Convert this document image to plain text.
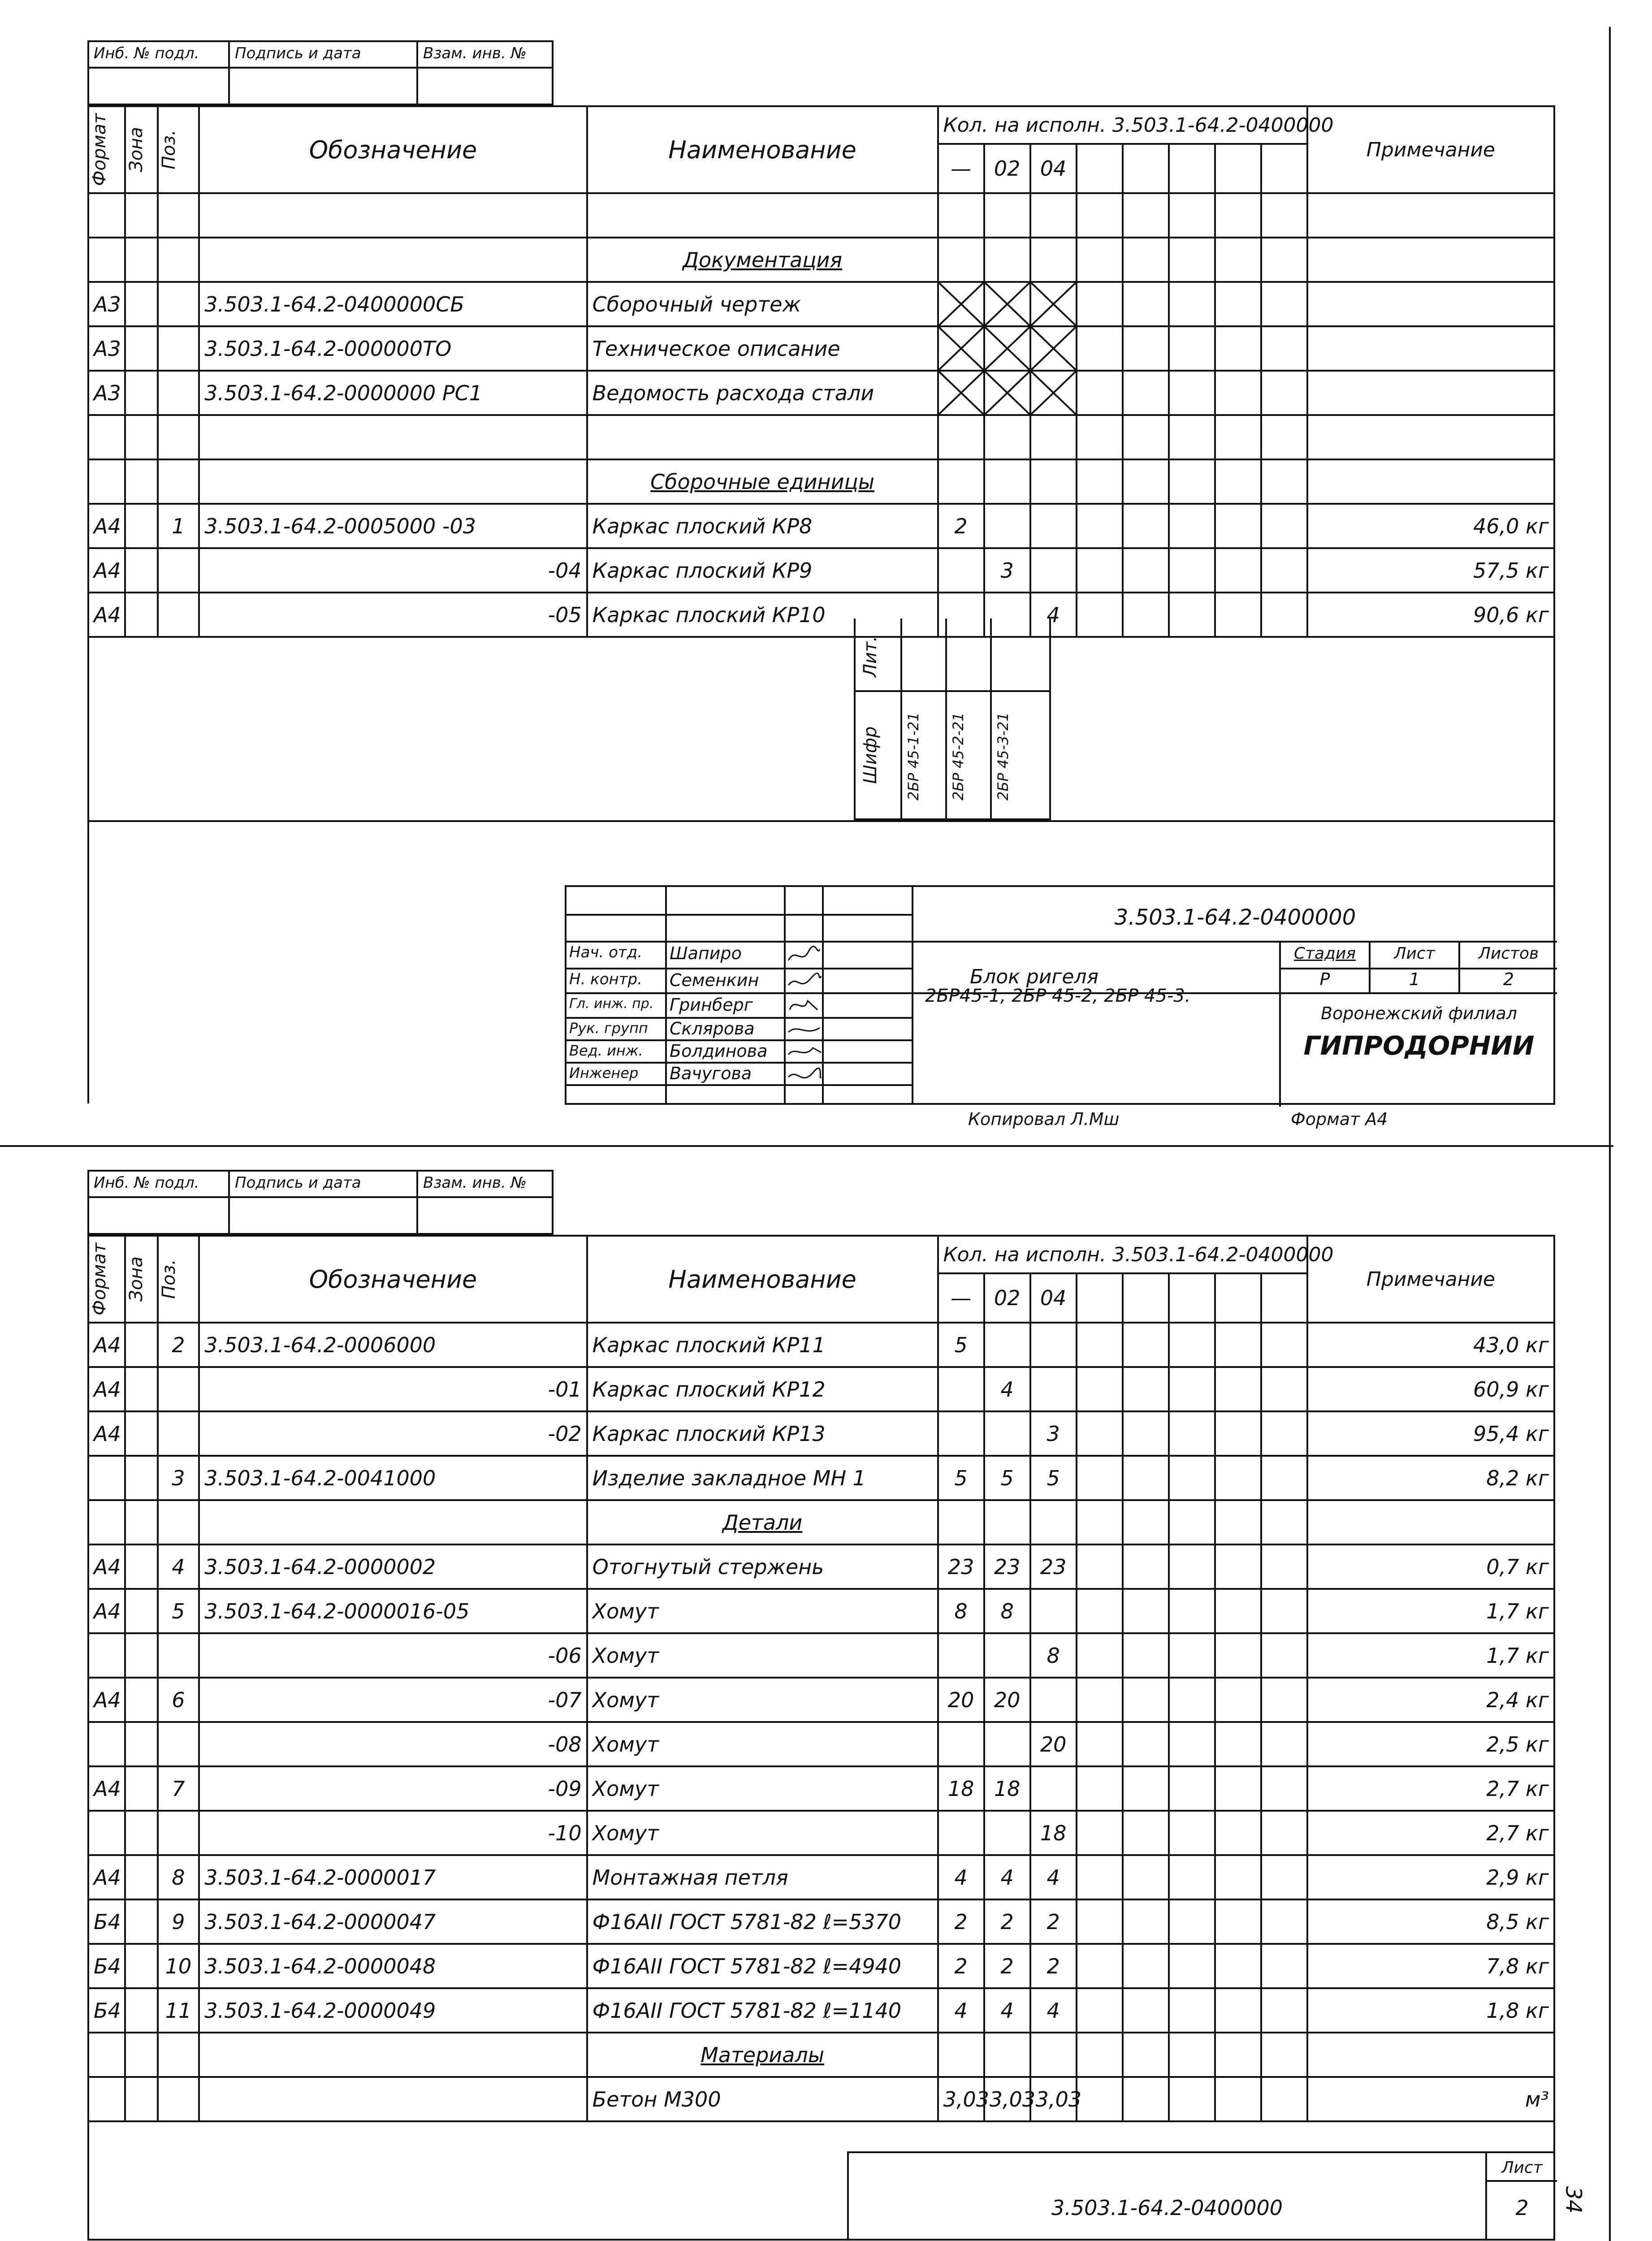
Инб. № подл. Подпись и дата	Взам. инв. №
Формат	Зона	Поз.	Обозначение	Наименование	Кол. на исполн. 3.503.1-64.2-0400000								Примечание
					—	02	04						

				Документация									
А3			3.503.1-64.2-0400000СБ	Сборочный чертеж	

А3			3.503.1-64.2-000000ТО	Техническое описание	

А3			3.503.1-64.2-0000000 РС1	Ведомость расхода стали	

				Сборочные единицы									
А4		1	3.503.1-64.2-0005000 -03	Каркас плоский КР8	2								46,0 кг
А4			-04	Каркас плоский КР9		3							57,5 кг
А4			-05	Каркас плоский КР10			4						90,6 кг
Лит.
Шифр	2БР 45-1-21	2БР 45-2-21	2БР 45-3-21
Нач. отд. Шапиро
Н. контр. Семенкин
Гл. инж. пр. Гринберг
Рук. групп Склярова
Вед. инж. Болдинова
Инженер Вачугова
3.503.1-64.2-0400000
Блок ригеля
2БР45-1, 2БР 45-2, 2БР 45-3.
Стадия	Лист	Листов
Р	1	2
Воронежский филиал
ГИПРОДОРНИИ
Копировал Л.Мш	Формат А4
Инб. № подл. Подпись и дата	Взам. инв. №
Формат	Зона	Поз.	Обозначение	Наименование	Кол. на исполн. 3.503.1-64.2-0400000								Примечание
					—	02	04						
А4		2	3.503.1-64.2-0006000	Каркас плоский КР11	5								43,0 кг
А4			-01	Каркас плоский КР12		4							60,9 кг
А4			-02	Каркас плоский КР13			3						95,4 кг
		3	3.503.1-64.2-0041000	Изделие закладное МН 1	5	5	5						8,2 кг
				Детали									
А4		4	3.503.1-64.2-0000002	Отогнутый стержень	23	23	23						0,7 кг
А4		5	3.503.1-64.2-0000016-05	Хомут	8	8							1,7 кг
			-06	Хомут			8						1,7 кг
А4		6	-07	Хомут	20	20							2,4 кг
			-08	Хомут			20						2,5 кг
А4		7	-09	Хомут	18	18							2,7 кг
			-10	Хомут			18						2,7 кг
А4		8	3.503.1-64.2-0000017	Монтажная петля	4	4	4						2,9 кг
Б4		9	3.503.1-64.2-0000047	Ф16АII ГОСТ 5781-82 ℓ=5370	2	2	2						8,5 кг
Б4		10	3.503.1-64.2-0000048	Ф16АII ГОСТ 5781-82 ℓ=4940	2	2	2						7,8 кг
Б4		11	3.503.1-64.2-0000049	Ф16АII ГОСТ 5781-82 ℓ=1140	4	4	4						1,8 кг
				Материалы									
				Бетон М300	3,03	3,03	3,03						м³
3.503.1-64.2-0400000
Лист
2	34
